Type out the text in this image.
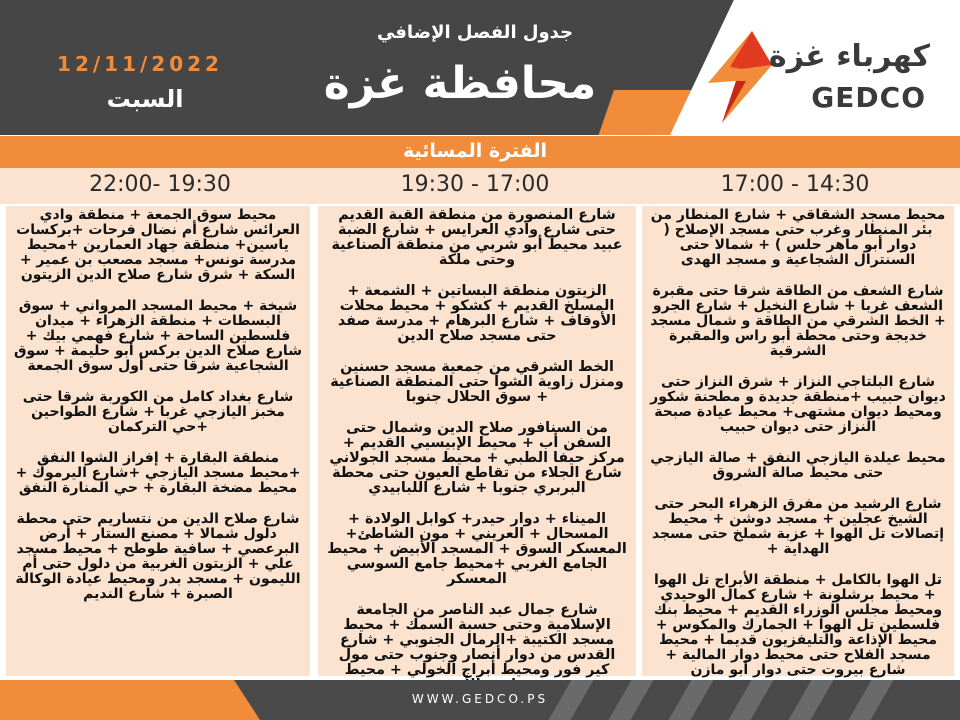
كهرباء غزة
GEDCO
جدول الفصل الإضافي
محافظة غزة
12/11/2022
السبت
الفترة المسائية
22:00- 19:30	19:30 - 17:00	17:00 - 14:30

محيط سوق الجمعة + منطقة وادي العرائس شارع أم نضال فرحات +بركسات ياسين+ منطقة جهاد العمارين +محيط مدرسة تونس+ مسجد مصعب بن عمير + السكة + شرق شارع صلاح الدين الزيتون

شيخة + محيط المسجد المرواني + سوق البسطات + منطقة الزهراء + ميدان فلسطين الساحة + شارع فهمي بيك + شارع صلاح الدين بركس أبو حليمة + سوق الشجاعية شرقا حتى أول سوق الجمعة

شارع بغداد كامل من الكوربة شرقا حتى مخبز اليازجي غربا + شارع الطواحين +حي التركمان

منطقة البقارة + إفراز الشوا النفق +محيط مسجد اليازجي +شارع اليرموك + محيط مضخة البقارة + حي المنارة النفق

شارع صلاح الدين من نتساريم حتى محطة دلول شمالا + مصنع الستار + أرض البرعصي + سافية طوطح + محيط مسجد علي + الزيتون الغربية من دلول حتى أم الليمون + مسجد بدر ومحيط عيادة الوكالة الصبرة + شارع النديم

شارع المنصورة من منطقة القبة القديم حتى شارع وادي العرايس + شارع الضبة عبيد محيط أبو شربي من منطقة الصناعية وحتى ملكة

الزيتون منطقة البساتين + الشمعة + المسلخ القديم + كشكو + محيط محلات الأوقاف + شارع البرهام + مدرسة صفد حتى مسجد صلاح الدين

الخط الشرقي من جمعية مسجد حسنين ومنزل زاوية الشوا حتى المنطقة الصناعية + سوق الحلال جنوبا

من السنافور صلاح الدين وشمال حتى السفن أب + محيط الإبيسيي القديم + مركز حيفا الطبي + محيط مسجد الجولاني شارع الجلاء من تقاطع العيون حتى محطة البربري جنوبا + شارع اللبابيدي

الميناء + دوار حيدر+ كوابل الولادة + المسحال + العريني + مون الشاطئ+ المعسكر السوق + المسجد الأبيض + محيط الجامع الغربي +محيط جامع السوسي المعسكر

شارع جمال عبد الناصر من الجامعة الإسلامية وحتى حسبة السمك + محيط مسجد الكتيبة +الرمال الجنوبي + شارع القدس من دوار أنصار وجنوب حتى مول كير فور ومحيط أبراج الخولي + محيط

محيط مسجد الشقاقي + شارع المنطار من بئر المنطار وغرب حتى مسجد الإصلاح ( دوار أبو ماهر حلس ) + شمالا حتى السنترال الشجاعية و مسجد الهدى

شارع الشعف من الطاقة شرقا حتى مقبرة الشعف غربا + شارع النخيل + شارع الجرو + الخط الشرقي من الطاقة و شمال مسجد خديجة وحتى محطة أبو راس والمقبرة الشرقية

شارع البلتاجي النزاز + شرق النزاز حتى ديوان حبيب +منطقة جديدة و مطحنة شكور ومحيط ديوان مشتهى+ محيط عيادة صبحة النزاز حتى ديوان حبيب

محيط عيلدة اليازجي النفق + صالة اليازجي حتى محيط صالة الشروق

شارع الرشيد من مفرق الزهراء البحر حتى الشيخ عجلين + مسجد دوشن + محيط إتصالات تل الهوا + عزبة شملخ حتى مسجد الهداية +

تل الهوا بالكامل + منطقة الأبراج تل الهوا + محيط برشلونة + شارع كمال الوحيدي ومحيط مجلس الوزراء القديم + محيط بنك فلسطين تل الهوا + الجمارك والمكوس + محيط الإذاعة والتليفزيون قديما + محيط مسجد الفلاح حتى محيط دوار المالية + شارع بيروت حتى دوار أبو مازن

WWW.GEDCO.PS
